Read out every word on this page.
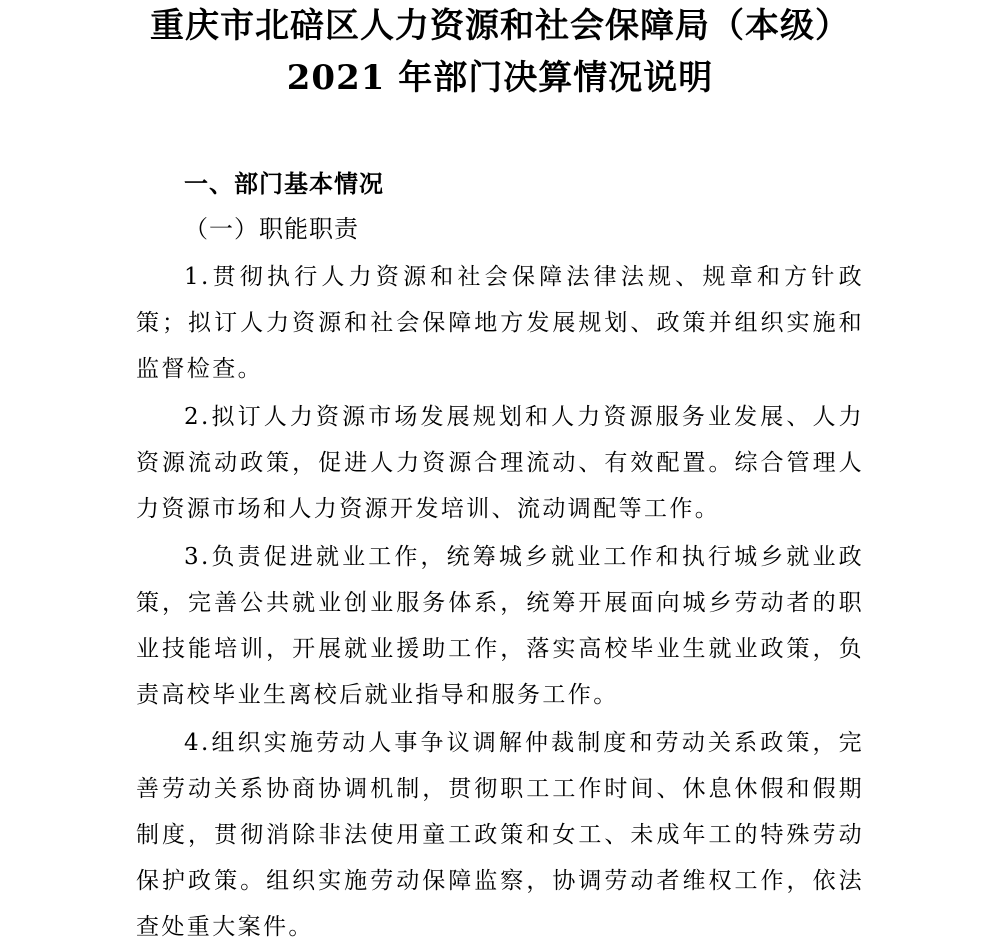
重庆市北碚区人力资源和社会保障局（本级）
2021 年部门决算情况说明
一、部门基本情况
（一）职能职责

1.贯彻执行人力资源和社会保障法律法规、规章和方针政策；拟订人力资源和社会保障地方发展规划、政策并组织实施和监督检查。

2.拟订人力资源市场发展规划和人力资源服务业发展、人力资源流动政策，促进人力资源合理流动、有效配置。综合管理人力资源市场和人力资源开发培训、流动调配等工作。

3.负责促进就业工作，统筹城乡就业工作和执行城乡就业政策，完善公共就业创业服务体系，统筹开展面向城乡劳动者的职业技能培训，开展就业援助工作，落实高校毕业生就业政策，负责高校毕业生离校后就业指导和服务工作。

4.组织实施劳动人事争议调解仲裁制度和劳动关系政策，完善劳动关系协商协调机制，贯彻职工工作时间、休息休假和假期制度，贯彻消除非法使用童工政策和女工、未成年工的特殊劳动保护政策。组织实施劳动保障监察，协调劳动者维权工作，依法查处重大案件。
